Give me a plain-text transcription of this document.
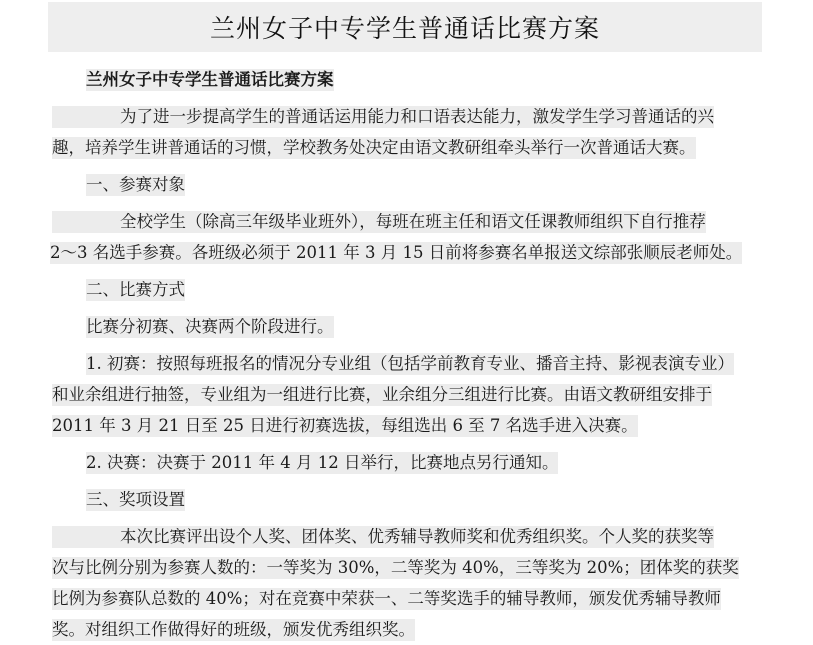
兰州女子中专学生普通话比赛方案
兰州女子中专学生普通话比赛方案
为了进一步提高学生的普通话运用能力和口语表达能力，激发学生学习普通话的兴
趣，培养学生讲普通话的习惯，学校教务处决定由语文教研组牵头举行一次普通话大赛。
一、参赛对象
全校学生（除高三年级毕业班外），每班在班主任和语文任课教师组织下自行推荐
2～3 名选手参赛。各班级必须于 2011 年 3 月 15 日前将参赛名单报送文综部张顺辰老师处。
二、比赛方式
比赛分初赛、决赛两个阶段进行。
1. 初赛：按照每班报名的情况分专业组（包括学前教育专业、播音主持、影视表演专业）
和业余组进行抽签，专业组为一组进行比赛，业余组分三组进行比赛。由语文教研组安排于
2011 年 3 月 21 日至 25 日进行初赛选拔，每组选出 6 至 7 名选手进入决赛。
2. 决赛：决赛于 2011 年 4 月 12 日举行，比赛地点另行通知。
三、奖项设置
本次比赛评出设个人奖、团体奖、优秀辅导教师奖和优秀组织奖。个人奖的获奖等
次与比例分别为参赛人数的：一等奖为 30%，二等奖为 40%，三等奖为 20%；团体奖的获奖
比例为参赛队总数的 40%；对在竞赛中荣获一、二等奖选手的辅导教师，颁发优秀辅导教师
奖。对组织工作做得好的班级，颁发优秀组织奖。
